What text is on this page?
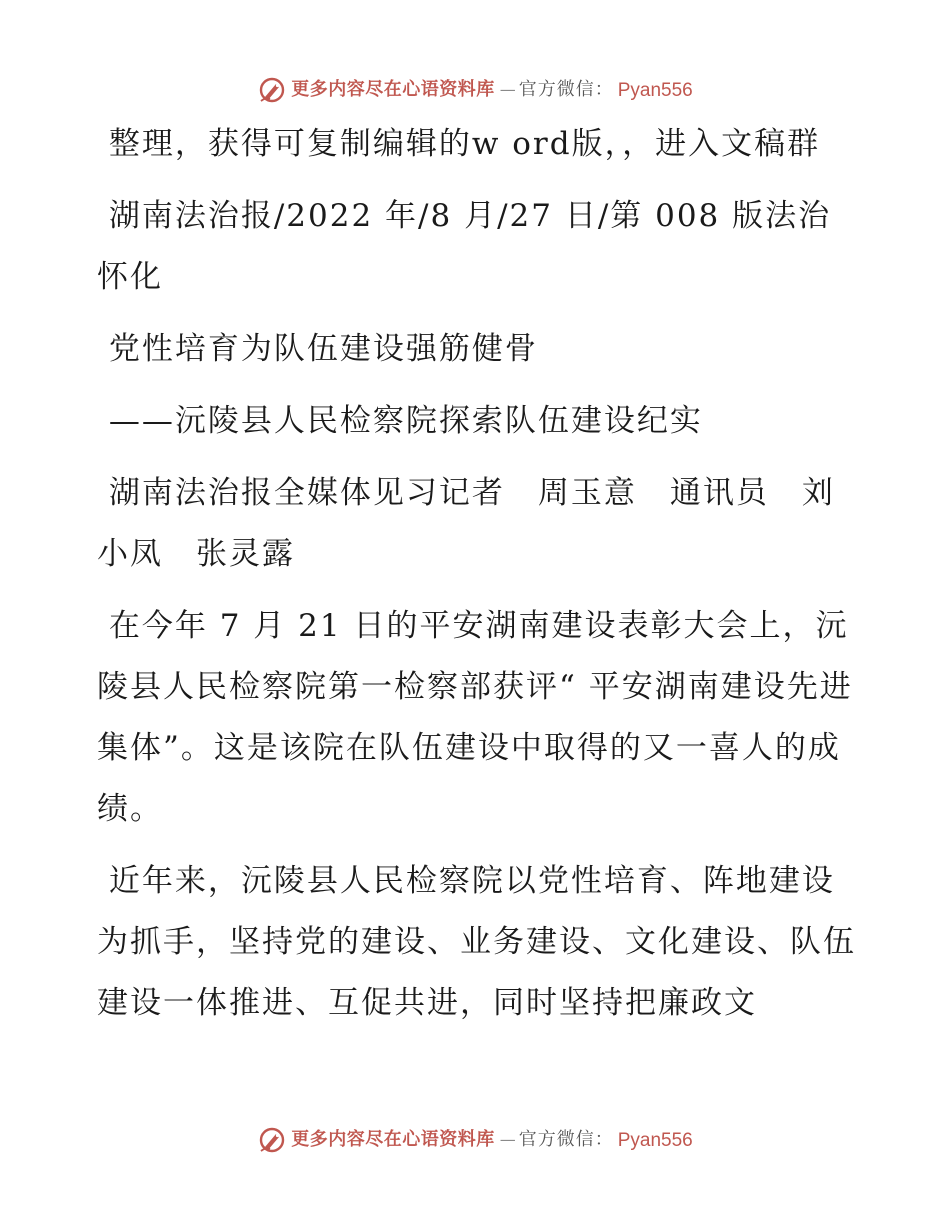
更多内容尽在心语资料库 — 官方微信： Pyan556

整理，获得可复制编辑的w ord版，，进入文稿群

湖南法治报/2022 年/8 月/27 日/第 008 版法治怀化

党性培育为队伍建设强筋健骨

——沅陵县人民检察院探索队伍建设纪实

湖南法治报全媒体见习记者　周玉意　通讯员　刘小凤　张灵露

在今年 7 月 21 日的平安湖南建设表彰大会上，沅陵县人民检察院第一检察部获评“ 平安湖南建设先进集体”。这是该院在队伍建设中取得的又一喜人的成绩。

近年来，沅陵县人民检察院以党性培育、阵地建设为抓手，坚持党的建设、业务建设、文化建设、队伍建设一体推进、互促共进，同时坚持把廉政文

更多内容尽在心语资料库 — 官方微信： Pyan556
